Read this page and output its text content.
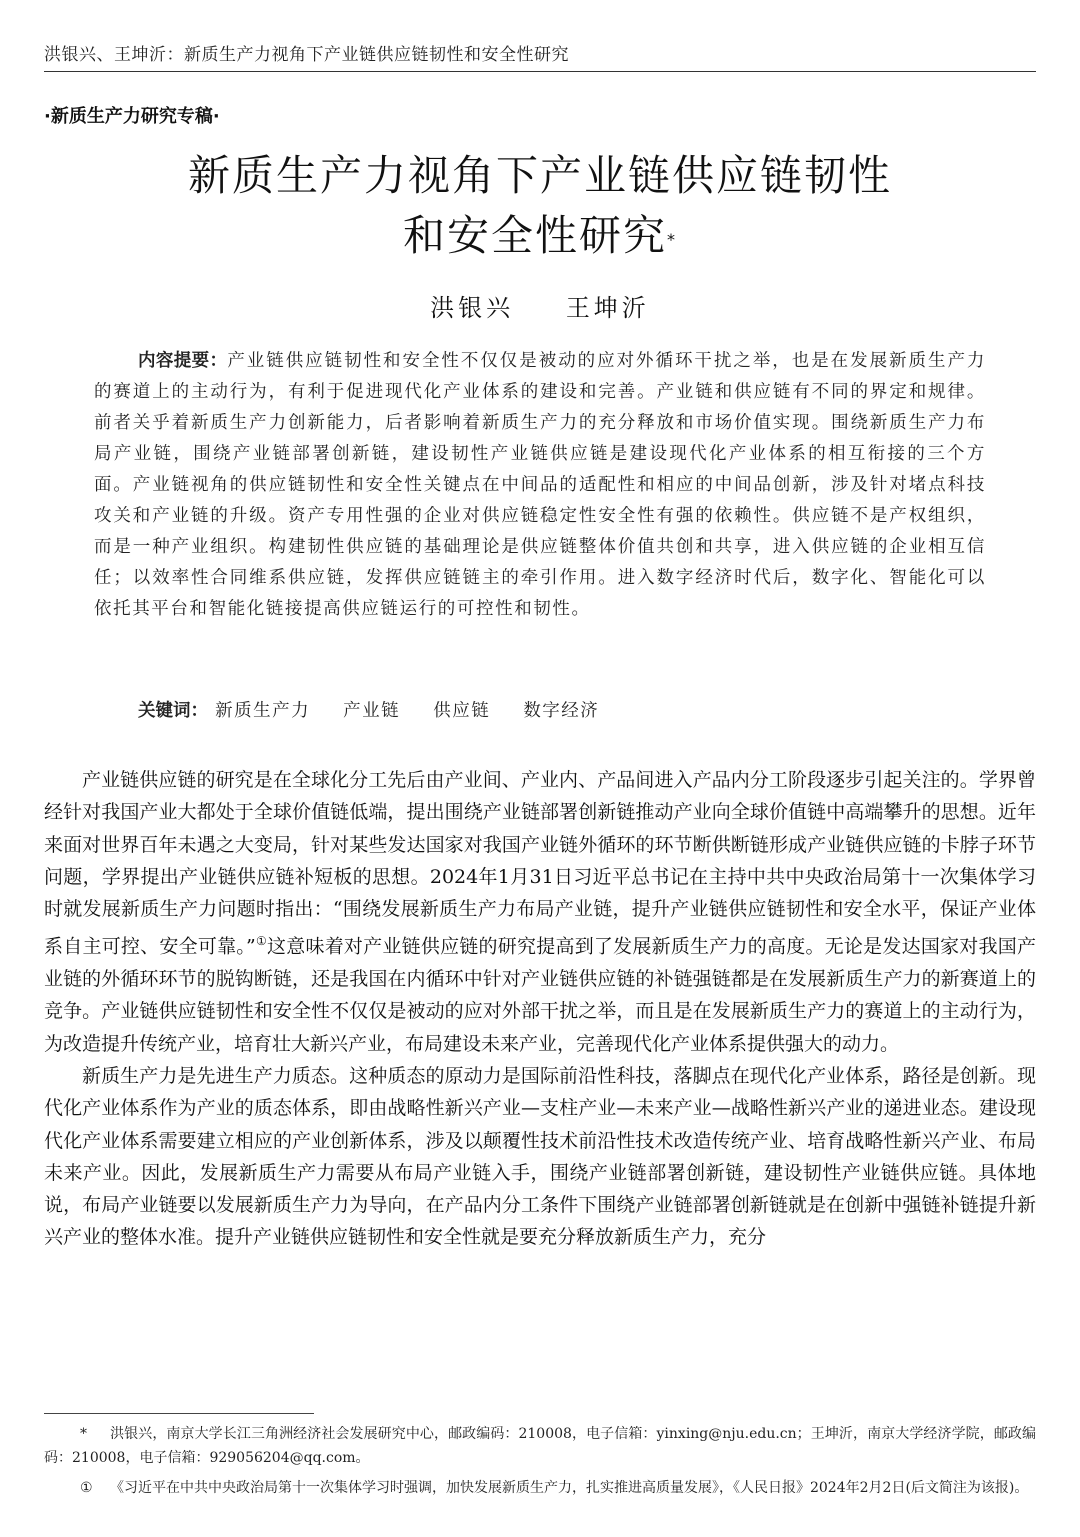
洪银兴、王坤沂：新质生产力视角下产业链供应链韧性和安全性研究
·新质生产力研究专稿·
新质生产力视角下产业链供应链韧性
和安全性研究*
洪银兴 王坤沂

内容提要：产业链供应链韧性和安全性不仅仅是被动的应对外循环干扰之举，也是在发展新质生产力的赛道上的主动行为，有利于促进现代化产业体系的建设和完善。产业链和供应链有不同的界定和规律。前者关乎着新质生产力创新能力，后者影响着新质生产力的充分释放和市场价值实现。围绕新质生产力布局产业链，围绕产业链部署创新链，建设韧性产业链供应链是建设现代化产业体系的相互衔接的三个方面。产业链视角的供应链韧性和安全性关键点在中间品的适配性和相应的中间品创新，涉及针对堵点科技攻关和产业链的升级。资产专用性强的企业对供应链稳定性安全性有强的依赖性。供应链不是产权组织，而是一种产业组织。构建韧性供应链的基础理论是供应链整体价值共创和共享，进入供应链的企业相互信任；以效率性合同维系供应链，发挥供应链链主的牵引作用。进入数字经济时代后，数字化、智能化可以依托其平台和智能化链接提高供应链运行的可控性和韧性。

关键词： 新质生产力 产业链 供应链 数字经济

产业链供应链的研究是在全球化分工先后由产业间、产业内、产品间进入产品内分工阶段逐步引起关注的。学界曾经针对我国产业大都处于全球价值链低端，提出围绕产业链部署创新链推动产业向全球价值链中高端攀升的思想。近年来面对世界百年未遇之大变局，针对某些发达国家对我国产业链外循环的环节断供断链形成产业链供应链的卡脖子环节问题，学界提出产业链供应链补短板的思想。2024年1月31日习近平总书记在主持中共中央政治局第十一次集体学习时就发展新质生产力问题时指出：“围绕发展新质生产力布局产业链，提升产业链供应链韧性和安全水平，保证产业体系自主可控、安全可靠。”①这意味着对产业链供应链的研究提高到了发展新质生产力的高度。无论是发达国家对我国产业链的外循环环节的脱钩断链，还是我国在内循环中针对产业链供应链的补链强链都是在发展新质生产力的新赛道上的竞争。产业链供应链韧性和安全性不仅仅是被动的应对外部干扰之举，而且是在发展新质生产力的赛道上的主动行为，为改造提升传统产业，培育壮大新兴产业，布局建设未来产业，完善现代化产业体系提供强大的动力。

新质生产力是先进生产力质态。这种质态的原动力是国际前沿性科技，落脚点在现代化产业体系，路径是创新。现代化产业体系作为产业的质态体系，即由战略性新兴产业—支柱产业—未来产业—战略性新兴产业的递进业态。建设现代化产业体系需要建立相应的产业创新体系，涉及以颠覆性技术前沿性技术改造传统产业、培育战略性新兴产业、布局未来产业。因此，发展新质生产力需要从布局产业链入手，围绕产业链部署创新链，建设韧性产业链供应链。具体地说，布局产业链要以发展新质生产力为导向，在产品内分工条件下围绕产业链部署创新链就是在创新中强链补链提升新兴产业的整体水准。提升产业链供应链韧性和安全性就是要充分释放新质生产力，充分

* 洪银兴，南京大学长江三角洲经济社会发展研究中心，邮政编码：210008，电子信箱：yinxing@nju.edu.cn；王坤沂，南京大学经济学院，邮政编码：210008，电子信箱：929056204@qq.com。

① 《习近平在中共中央政治局第十一次集体学习时强调，加快发展新质生产力，扎实推进高质量发展》，《人民日报》2024年2月2日(后文简注为该报)。
